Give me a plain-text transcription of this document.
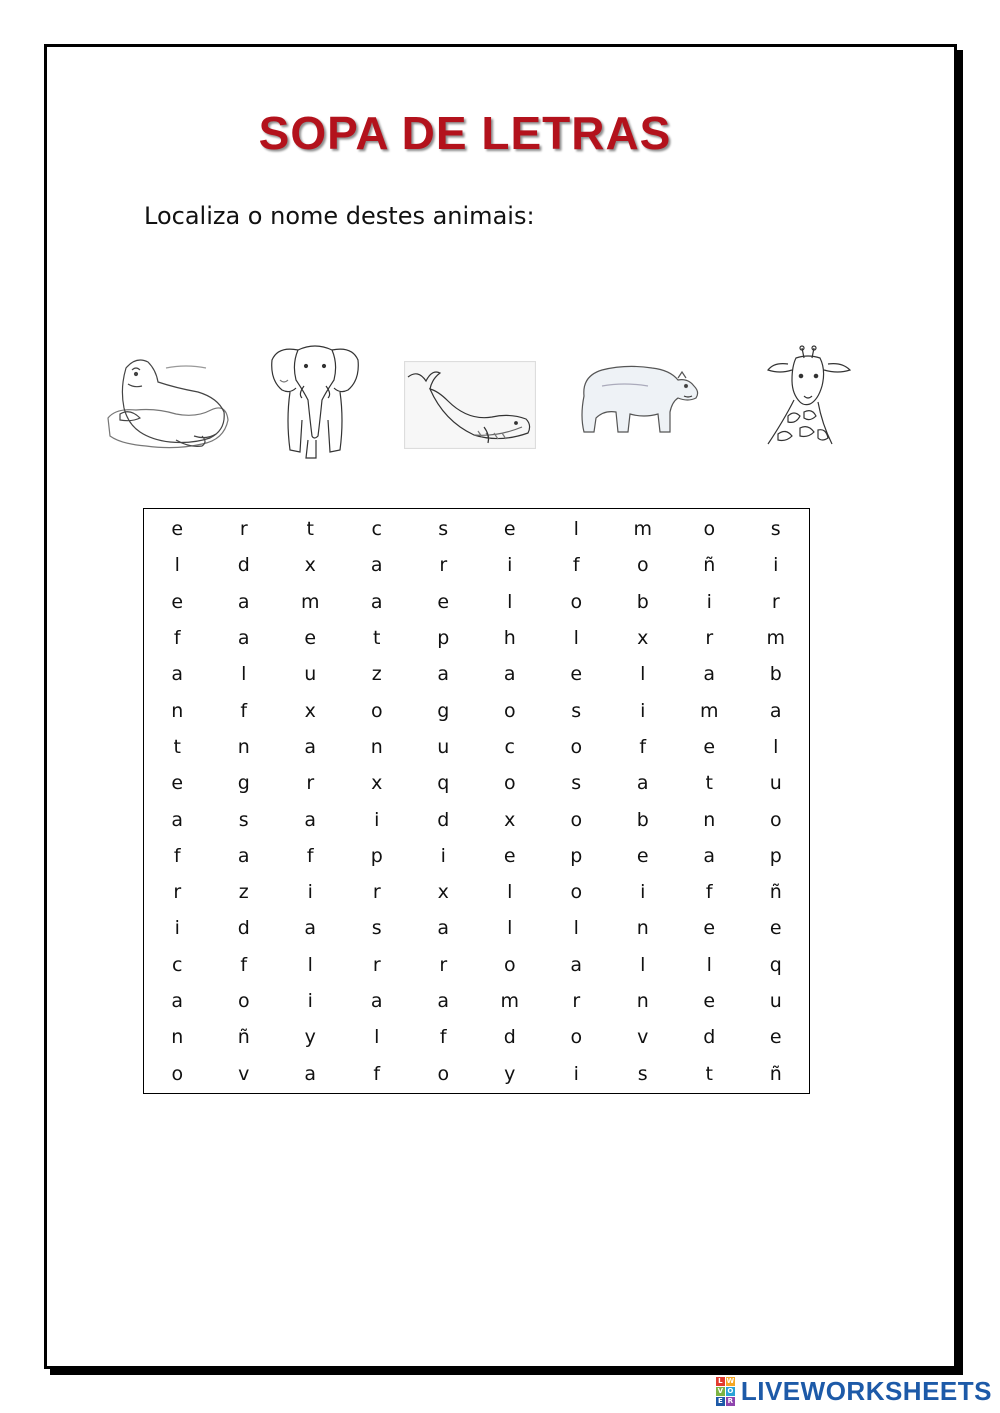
SOPA DE LETRAS
Localiza o nome destes animais:
e	r	t	c	s	e	l	m	o	s
l	d	x	a	r	i	f	o	ñ	i
e	a	m	a	e	l	o	b	i	r
f	a	e	t	p	h	l	x	r	m
a	l	u	z	a	a	e	l	a	b
n	f	x	o	g	o	s	i	m	a
t	n	a	n	u	c	o	f	e	l
e	g	r	x	q	o	s	a	t	u
a	s	a	i	d	x	o	b	n	o
f	a	f	p	i	e	p	e	a	p
r	z	i	r	x	l	o	i	f	ñ
i	d	a	s	a	l	l	n	e	e
c	f	l	r	r	o	a	l	l	q
a	o	i	a	a	m	r	n	e	u
n	ñ	y	l	f	d	o	v	d	e
o	v	a	f	o	y	i	s	t	ñ
L W
V O
E R LIVEWORKSHEETS
